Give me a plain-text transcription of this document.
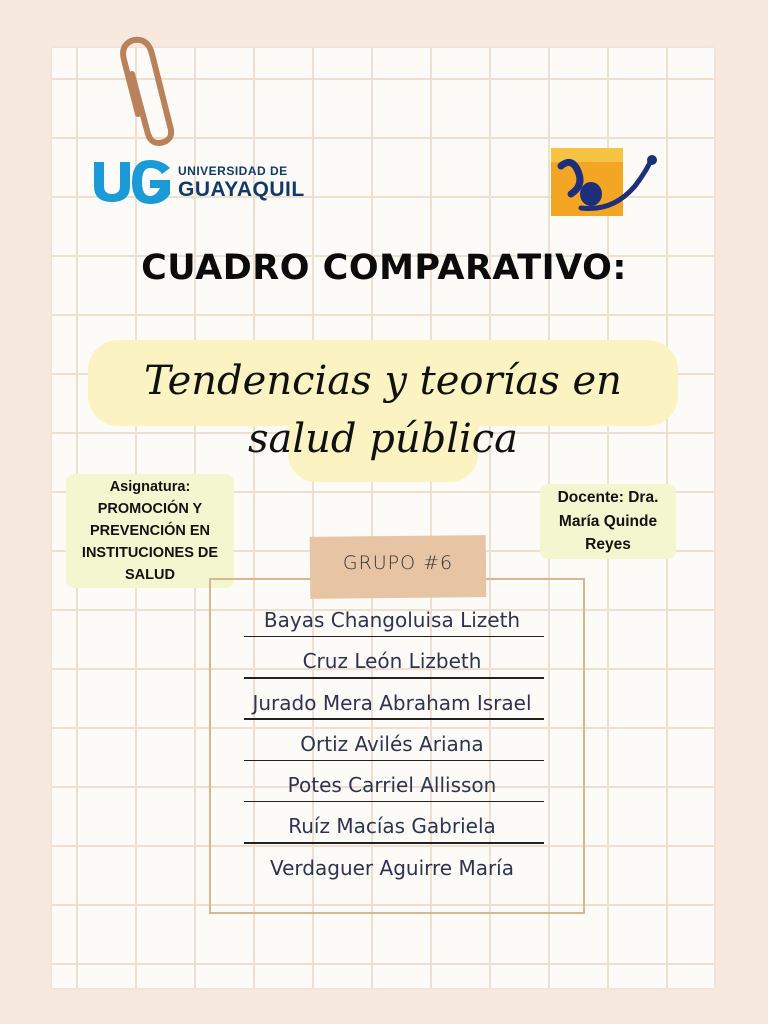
UNIVERSIDAD DE
GUAYAQUIL
CUADRO COMPARATIVO:
Tendencias y teorías en salud pública
Asignatura:
PROMOCIÓN Y
PREVENCIÓN EN
INSTITUCIONES DE
SALUD
Docente: Dra.
María Quinde
Reyes
GRUPO #6
Bayas Changoluisa Lizeth
Cruz León Lizbeth
Jurado Mera Abraham Israel
Ortiz Avilés Ariana
Potes Carriel Allisson
Ruíz Macías Gabriela
Verdaguer Aguirre María
